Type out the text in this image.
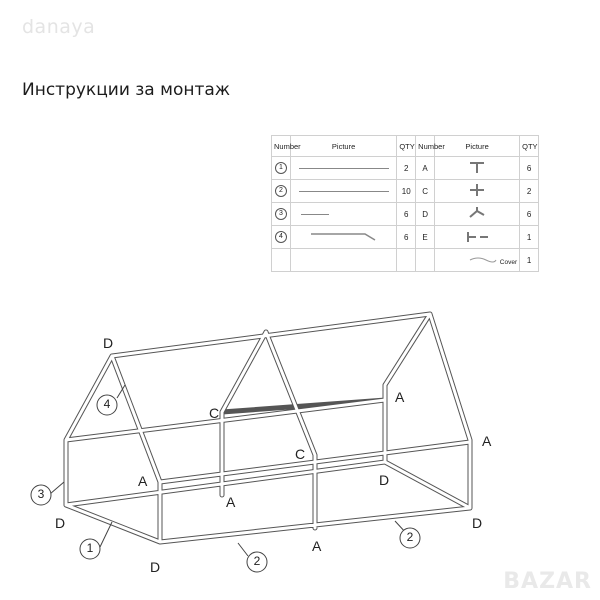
danaya
Инструкции за монтаж
Number	Picture	QTY	Number	Picture	QTY
1		2	A		6
2		10	C		2
3		6	D		6
4		6	E		1
				Cover	1
D
C
A
A
C
A
A
D
D	D
D
A
4
3
1
2
2
BAZAR
